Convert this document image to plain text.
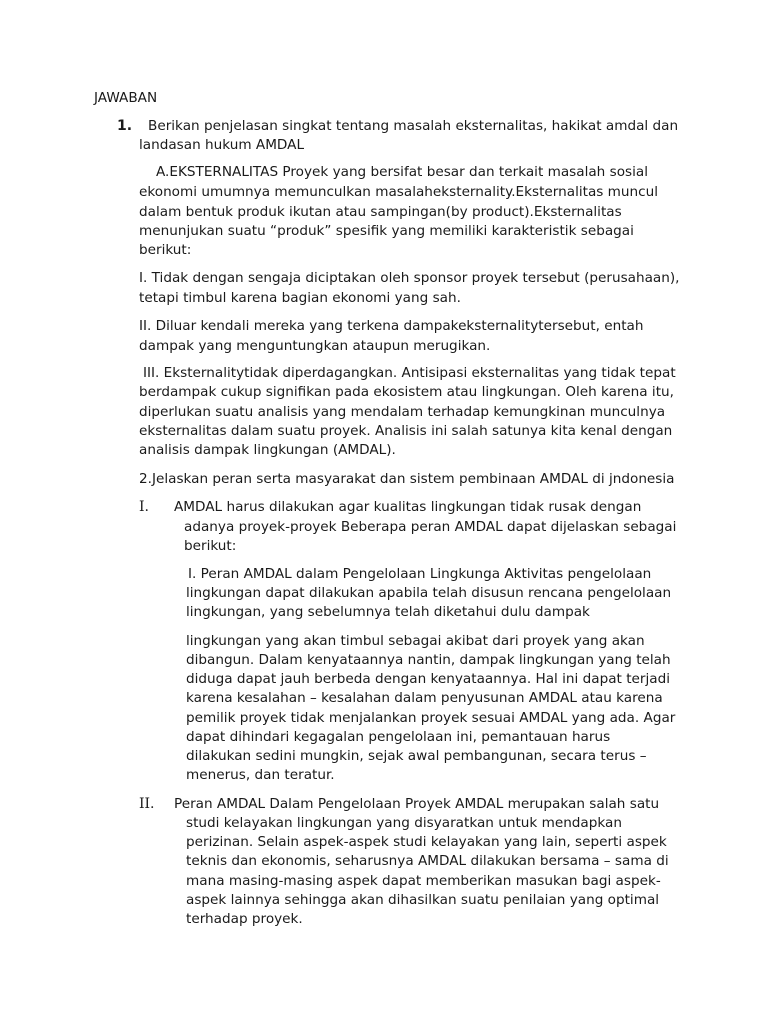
JAWABAN
1. Berikan penjelasan singkat tentang masalah eksternalitas, hakikat amdal dan
landasan hukum AMDAL
A.EKSTERNALITAS Proyek yang bersifat besar dan terkait masalah sosial
ekonomi umumnya memunculkan masalaheksternality.Eksternalitas muncul
dalam bentuk produk ikutan atau sampingan(by product).Eksternalitas
menunjukan suatu “produk” spesifik yang memiliki karakteristik sebagai
berikut:
I. Tidak dengan sengaja diciptakan oleh sponsor proyek tersebut (perusahaan),
tetapi timbul karena bagian ekonomi yang sah.
II. Diluar kendali mereka yang terkena dampakeksternalitytersebut, entah
dampak yang menguntungkan ataupun merugikan.
III. Eksternalitytidak diperdagangkan. Antisipasi eksternalitas yang tidak tepat
berdampak cukup signifikan pada ekosistem atau lingkungan. Oleh karena itu,
diperlukan suatu analisis yang mendalam terhadap kemungkinan munculnya
eksternalitas dalam suatu proyek. Analisis ini salah satunya kita kenal dengan
analisis dampak lingkungan (AMDAL).
2.Jelaskan peran serta masyarakat dan sistem pembinaan AMDAL di jndonesia
I. AMDAL harus dilakukan agar kualitas lingkungan tidak rusak dengan
adanya proyek-proyek Beberapa peran AMDAL dapat dijelaskan sebagai
berikut:
I. Peran AMDAL dalam Pengelolaan Lingkunga Aktivitas pengelolaan
lingkungan dapat dilakukan apabila telah disusun rencana pengelolaan
lingkungan, yang sebelumnya telah diketahui dulu dampak
lingkungan yang akan timbul sebagai akibat dari proyek yang akan
dibangun. Dalam kenyataannya nantin, dampak lingkungan yang telah
diduga dapat jauh berbeda dengan kenyataannya. Hal ini dapat terjadi
karena kesalahan – kesalahan dalam penyusunan AMDAL atau karena
pemilik proyek tidak menjalankan proyek sesuai AMDAL yang ada. Agar
dapat dihindari kegagalan pengelolaan ini, pemantauan harus
dilakukan sedini mungkin, sejak awal pembangunan, secara terus –
menerus, dan teratur.
II. Peran AMDAL Dalam Pengelolaan Proyek AMDAL merupakan salah satu
studi kelayakan lingkungan yang disyaratkan untuk mendapkan
perizinan. Selain aspek-aspek studi kelayakan yang lain, seperti aspek
teknis dan ekonomis, seharusnya AMDAL dilakukan bersama – sama di
mana masing-masing aspek dapat memberikan masukan bagi aspek-
aspek lainnya sehingga akan dihasilkan suatu penilaian yang optimal
terhadap proyek.
